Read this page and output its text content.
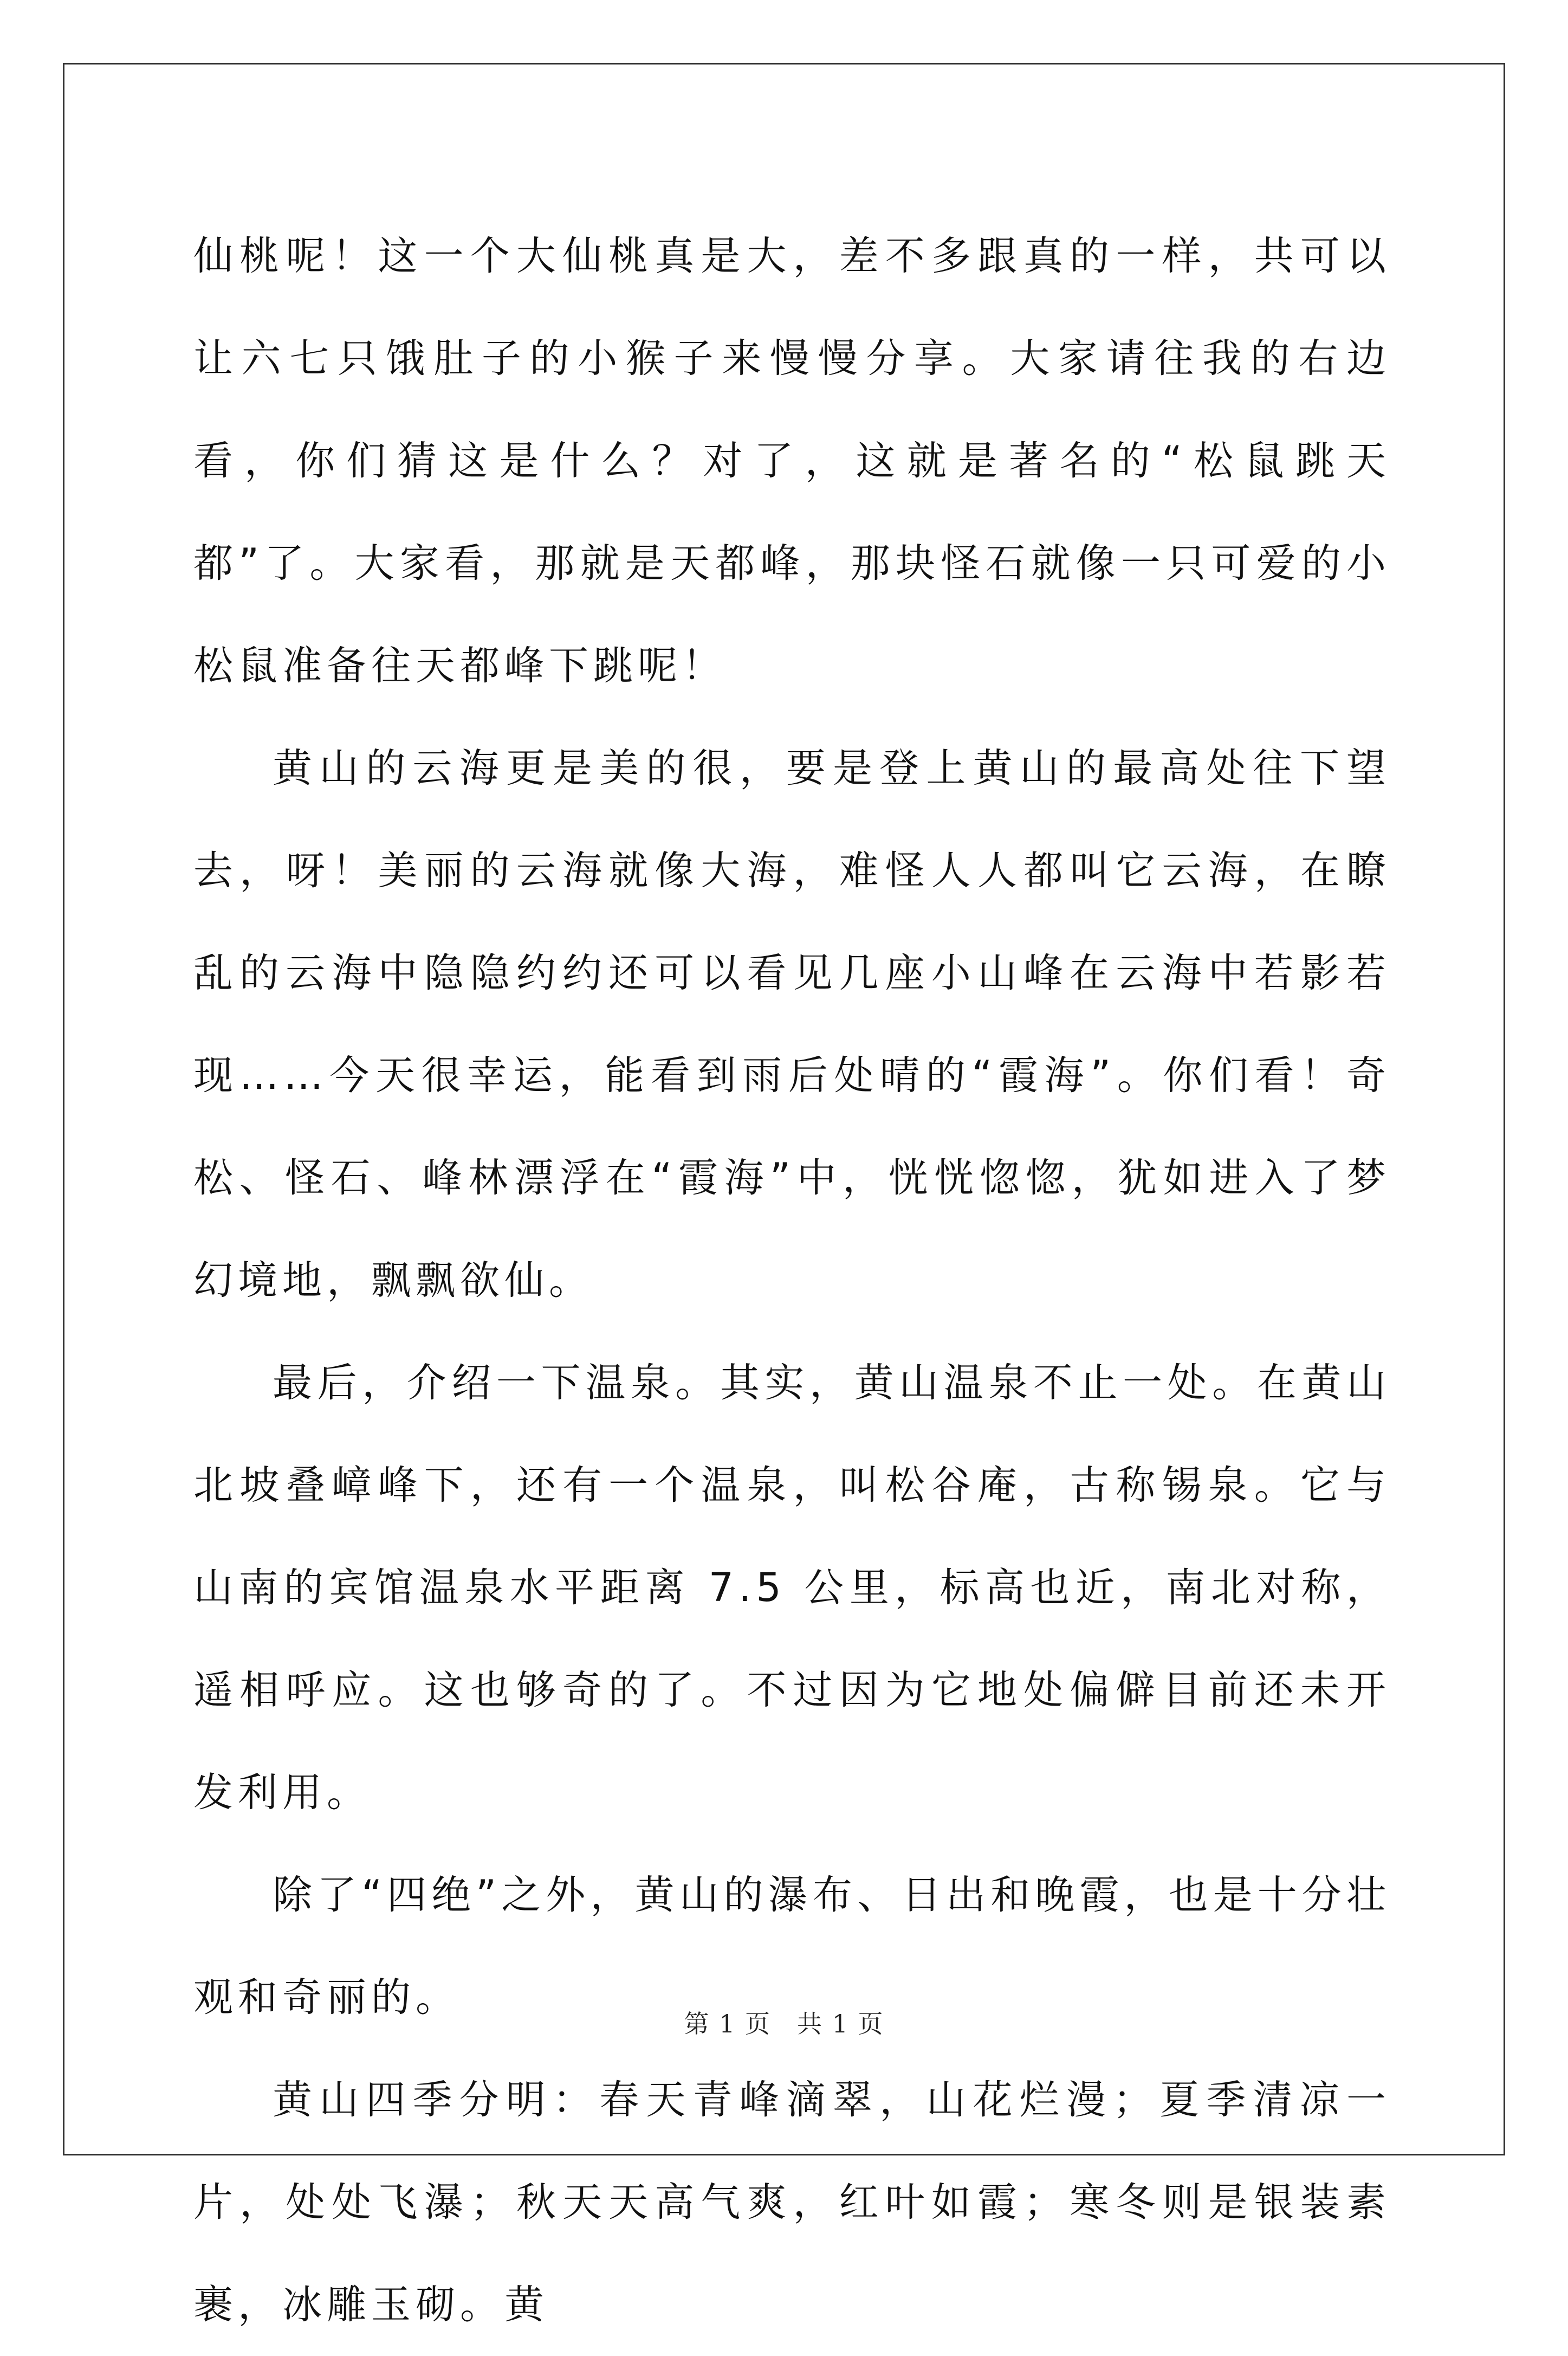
仙桃呢！这一个大仙桃真是大，差不多跟真的一样，共可以让六七只饿肚子的小猴子来慢慢分享。大家请往我的右边看，你们猜这是什么？对了，这就是著名的“松鼠跳天都”了。大家看，那就是天都峰，那块怪石就像一只可爱的小松鼠准备往天都峰下跳呢！

黄山的云海更是美的很，要是登上黄山的最高处往下望去，呀！美丽的云海就像大海，难怪人人都叫它云海，在瞭乱的云海中隐隐约约还可以看见几座小山峰在云海中若影若现……今天很幸运，能看到雨后处晴的“霞海”。你们看！奇松、怪石、峰林漂浮在“霞海”中，恍恍惚惚，犹如进入了梦幻境地，飘飘欲仙。

最后，介绍一下温泉。其实，黄山温泉不止一处。在黄山北坡叠嶂峰下，还有一个温泉，叫松谷庵，古称锡泉。它与山南的宾馆温泉水平距离 7.5 公里，标高也近，南北对称，遥相呼应。这也够奇的了。不过因为它地处偏僻目前还未开发利用。

除了“四绝”之外，黄山的瀑布、日出和晚霞，也是十分壮观和奇丽的。

黄山四季分明：春天青峰滴翠，山花烂漫；夏季清凉一片，处处飞瀑；秋天天高气爽，红叶如霞；寒冬则是银装素裹，冰雕玉砌。黄

第 1 页　共 1 页
